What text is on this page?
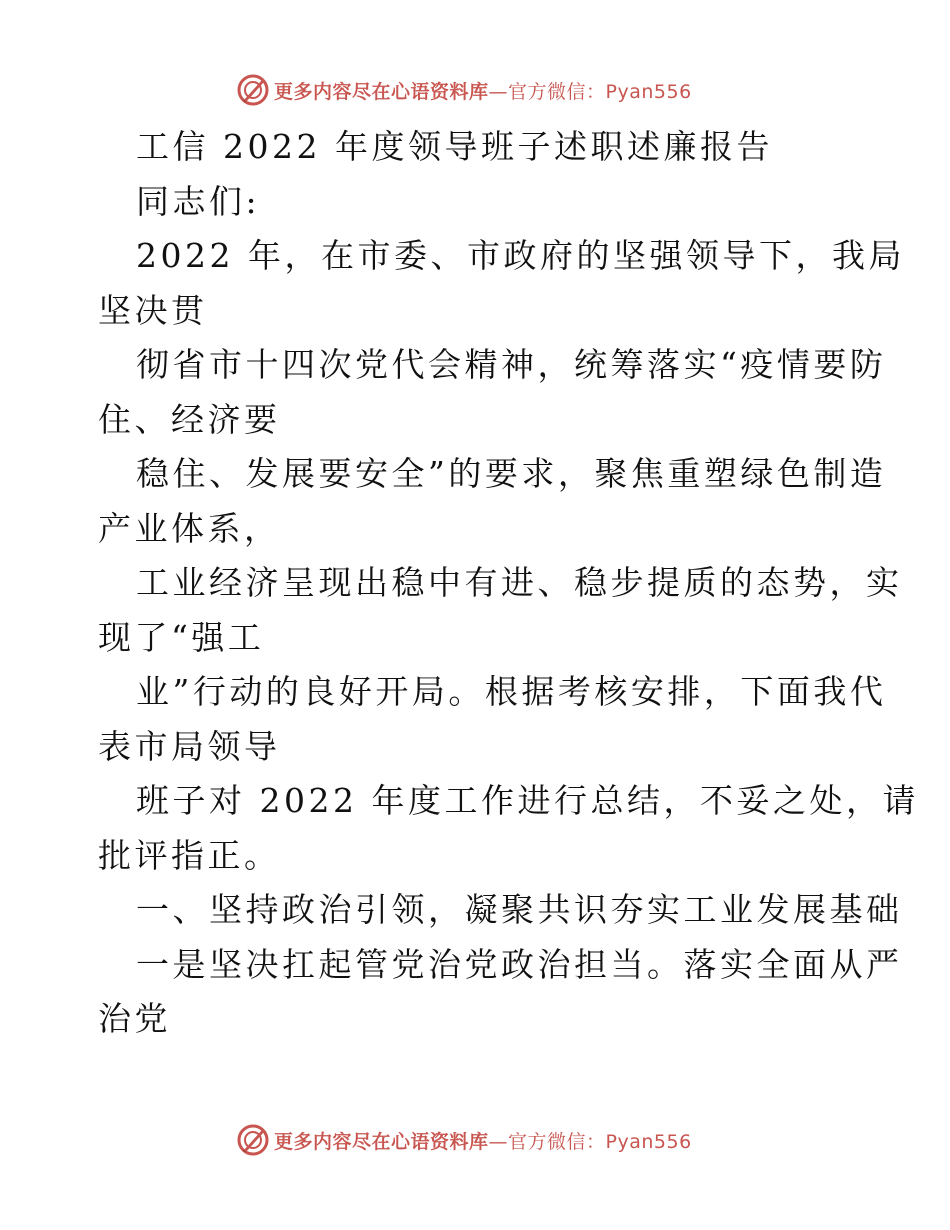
更多内容尽在心语资料库—官方微信：Pyan556
工信 2022 年度领导班子述职述廉报告
同志们:
2022 年，在市委、市政府的坚强领导下，我局
坚决贯
彻省市十四次党代会精神，统筹落实“疫情要防
住、经济要
稳住、发展要安全”的要求，聚焦重塑绿色制造
产业体系，
工业经济呈现出稳中有进、稳步提质的态势，实
现了“强工
业”行动的良好开局。根据考核安排，下面我代
表市局领导
班子对 2022 年度工作进行总结，不妥之处，请
批评指正。
一、坚持政治引领，凝聚共识夯实工业发展基础
一是坚决扛起管党治党政治担当。落实全面从严
治党
更多内容尽在心语资料库—官方微信：Pyan556
